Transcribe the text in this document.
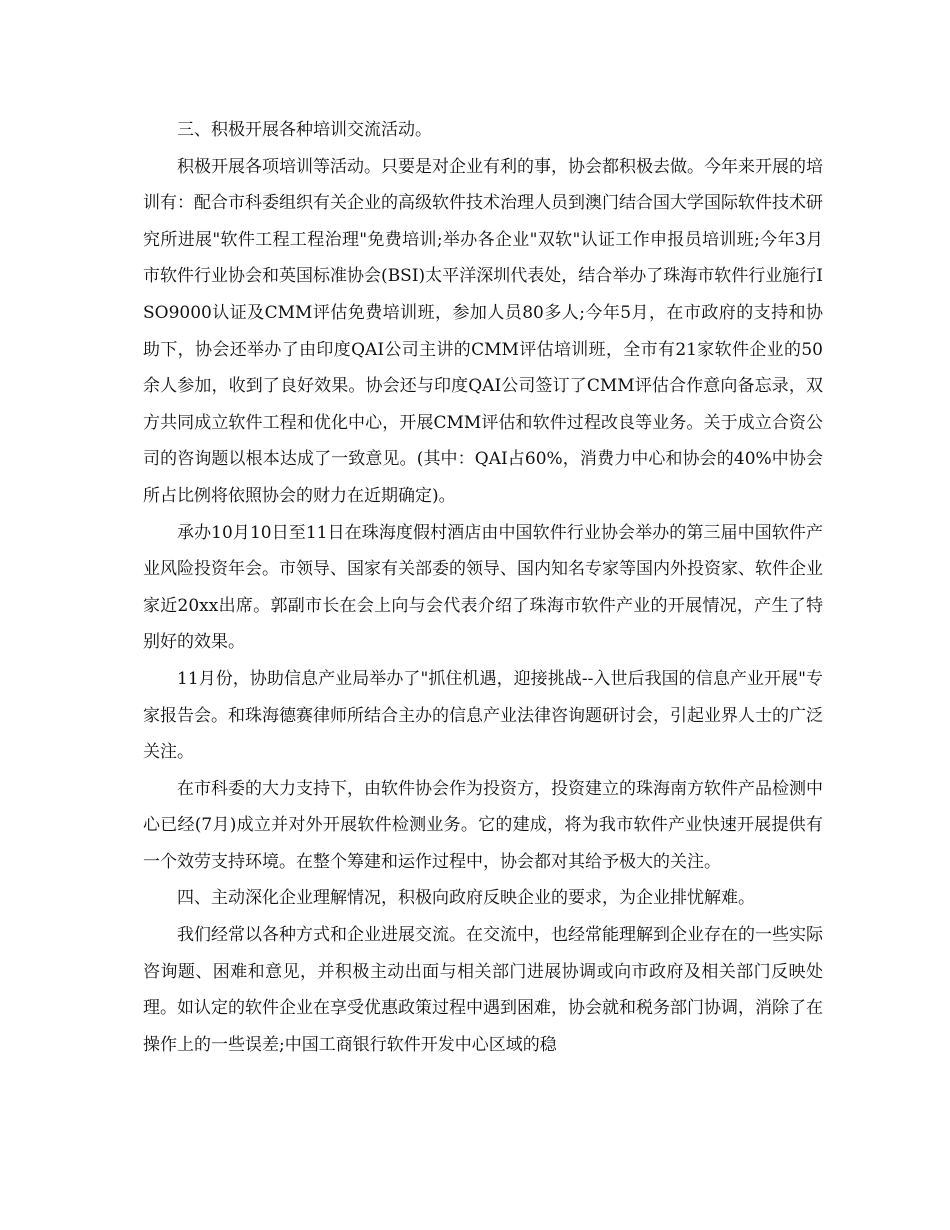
三、积极开展各种培训交流活动。

积极开展各项培训等活动。只要是对企业有利的事，协会都积极去做。今年来开展的培训有：配合市科委组织有关企业的高级软件技术治理人员到澳门结合国大学国际软件技术研究所进展"软件工程工程治理"免费培训;举办各企业"双软"认证工作申报员培训班;今年3月市软件行业协会和英国标准协会(BSI)太平洋深圳代表处，结合举办了珠海市软件行业施行ISO9000认证及CMM评估免费培训班，参加人员80多人;今年5月，在市政府的支持和协助下，协会还举办了由印度QAI公司主讲的CMM评估培训班，全市有21家软件企业的50余人参加，收到了良好效果。协会还与印度QAI公司签订了CMM评估合作意向备忘录，双方共同成立软件工程和优化中心，开展CMM评估和软件过程改良等业务。关于成立合资公司的咨询题以根本达成了一致意见。(其中：QAI占60%，消费力中心和协会的40%中协会所占比例将依照协会的财力在近期确定)。

承办10月10日至11日在珠海度假村酒店由中国软件行业协会举办的第三届中国软件产业风险投资年会。市领导、国家有关部委的领导、国内知名专家等国内外投资家、软件企业家近20xx出席。郭副市长在会上向与会代表介绍了珠海市软件产业的开展情况，产生了特别好的效果。

11月份，协助信息产业局举办了"抓住机遇，迎接挑战--入世后我国的信息产业开展"专家报告会。和珠海德赛律师所结合主办的信息产业法律咨询题研讨会，引起业界人士的广泛关注。

在市科委的大力支持下，由软件协会作为投资方，投资建立的珠海南方软件产品检测中心已经(7月)成立并对外开展软件检测业务。它的建成，将为我市软件产业快速开展提供有一个效劳支持环境。在整个筹建和运作过程中，协会都对其给予极大的关注。

四、主动深化企业理解情况，积极向政府反映企业的要求，为企业排忧解难。

我们经常以各种方式和企业进展交流。在交流中，也经常能理解到企业存在的一些实际咨询题、困难和意见，并积极主动出面与相关部门进展协调或向市政府及相关部门反映处理。如认定的软件企业在享受优惠政策过程中遇到困难，协会就和税务部门协调，消除了在操作上的一些误差;中国工商银行软件开发中心区域的稳
